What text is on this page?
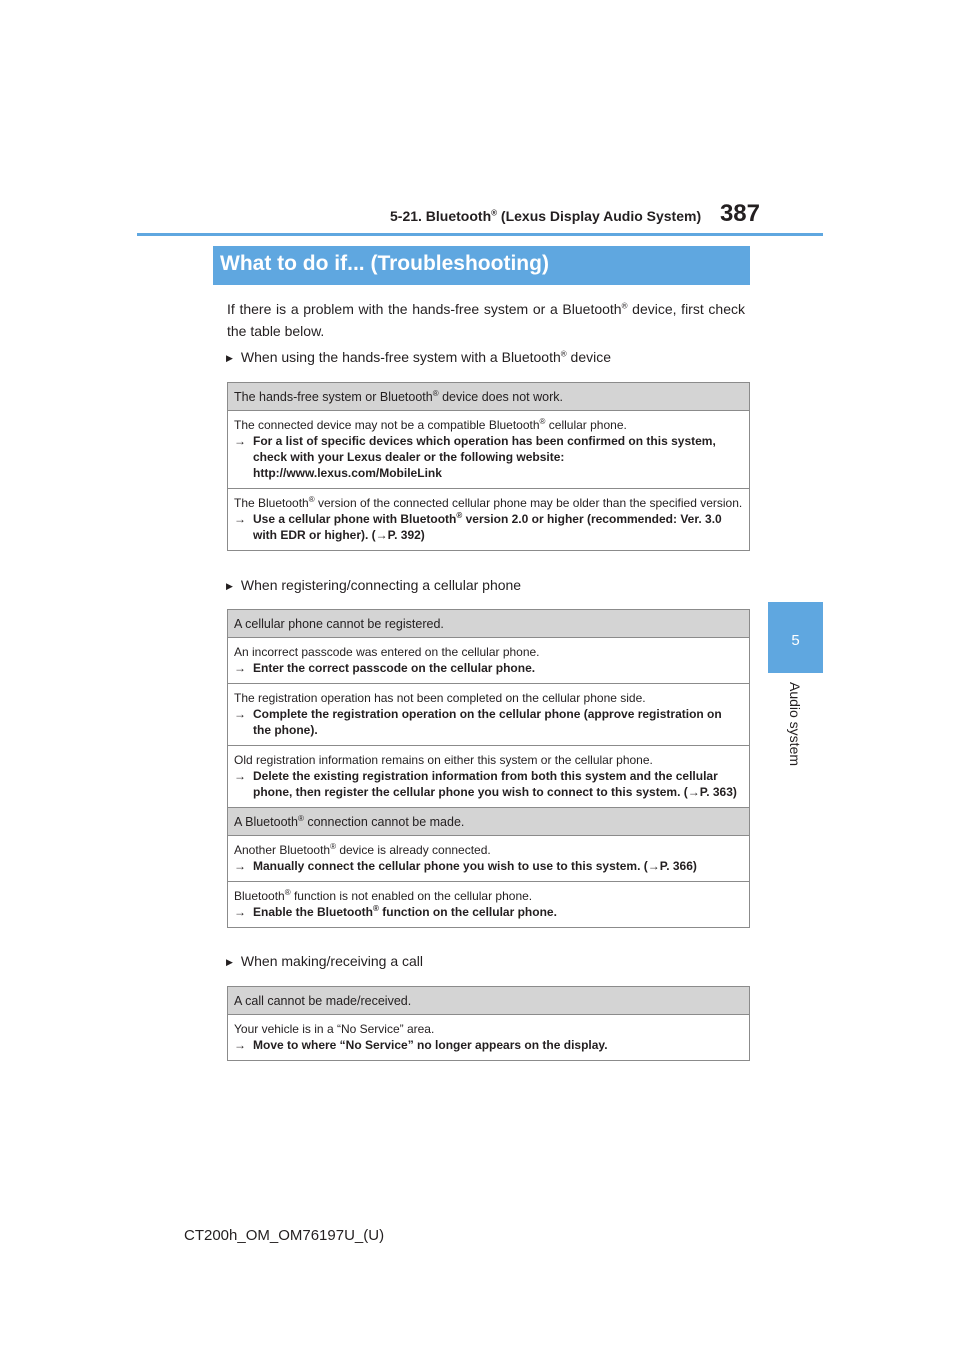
5-21. Bluetooth® (Lexus Display Audio System) 387
5
Audio system
What to do if... (Troubleshooting)
If there is a problem with the hands-free system or a Bluetooth® device, first check the table below.
▶ When using the hands-free system with a Bluetooth® device
The hands-free system or Bluetooth® device does not work.
The connected device may not be a compatible Bluetooth® cellular phone.
→ For a list of specific devices which operation has been confirmed on this system, check with your Lexus dealer or the following website: http://www.lexus.com/MobileLink
The Bluetooth® version of the connected cellular phone may be older than the specified version.
→ Use a cellular phone with Bluetooth® version 2.0 or higher (recommended: Ver. 3.0 with EDR or higher). (→P. 392)
▶ When registering/connecting a cellular phone
A cellular phone cannot be registered.
An incorrect passcode was entered on the cellular phone.
→ Enter the correct passcode on the cellular phone.
The registration operation has not been completed on the cellular phone side.
→ Complete the registration operation on the cellular phone (approve registration on the phone).
Old registration information remains on either this system or the cellular phone.
→ Delete the existing registration information from both this system and the cellular phone, then register the cellular phone you wish to connect to this system. (→P. 363)
A Bluetooth® connection cannot be made.
Another Bluetooth® device is already connected.
→ Manually connect the cellular phone you wish to use to this system. (→P. 366)
Bluetooth® function is not enabled on the cellular phone.
→ Enable the Bluetooth® function on the cellular phone.
▶ When making/receiving a call
A call cannot be made/received.
Your vehicle is in a “No Service” area.
→ Move to where “No Service” no longer appears on the display.
CT200h_OM_OM76197U_(U)
